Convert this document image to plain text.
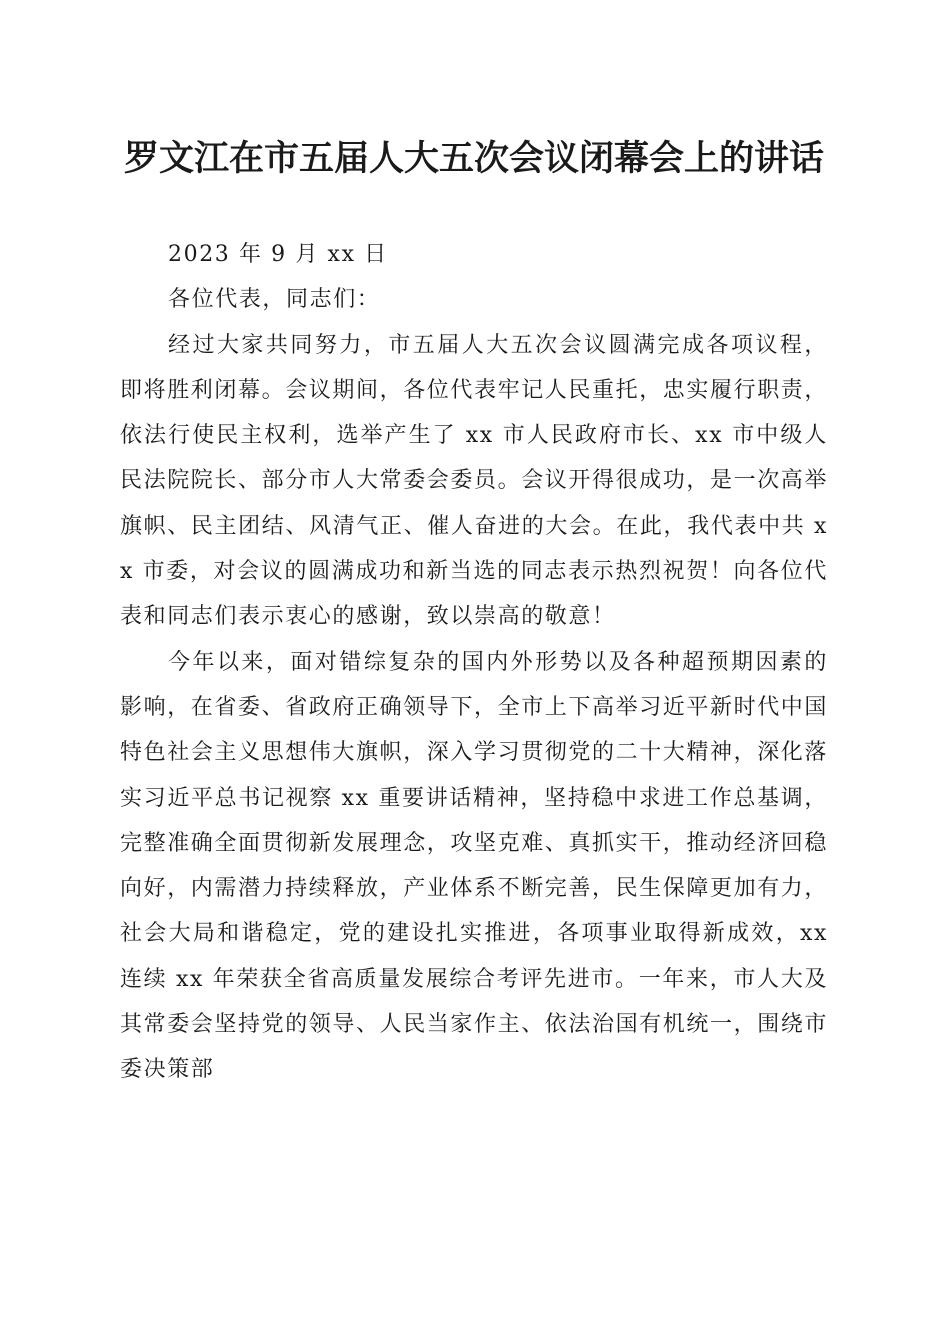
罗文江在市五届人大五次会议闭幕会上的讲话

2023 年 9 月 xx 日

各位代表，同志们：

经过大家共同努力，市五届人大五次会议圆满完成各项议程，即将胜利闭幕。会议期间，各位代表牢记人民重托，忠实履行职责，依法行使民主权利，选举产生了 xx 市人民政府市长、xx 市中级人民法院院长、部分市人大常委会委员。会议开得很成功，是一次高举旗帜、民主团结、风清气正、催人奋进的大会。在此，我代表中共 xx 市委，对会议的圆满成功和新当选的同志表示热烈祝贺！向各位代表和同志们表示衷心的感谢，致以崇高的敬意！

今年以来，面对错综复杂的国内外形势以及各种超预期因素的影响，在省委、省政府正确领导下，全市上下高举习近平新时代中国特色社会主义思想伟大旗帜，深入学习贯彻党的二十大精神，深化落实习近平总书记视察 xx 重要讲话精神，坚持稳中求进工作总基调，完整准确全面贯彻新发展理念，攻坚克难、真抓实干，推动经济回稳向好，内需潜力持续释放，产业体系不断完善，民生保障更加有力，社会大局和谐稳定，党的建设扎实推进，各项事业取得新成效，xx 连续 xx 年荣获全省高质量发展综合考评先进市。一年来，市人大及其常委会坚持党的领导、人民当家作主、依法治国有机统一，围绕市委决策部
